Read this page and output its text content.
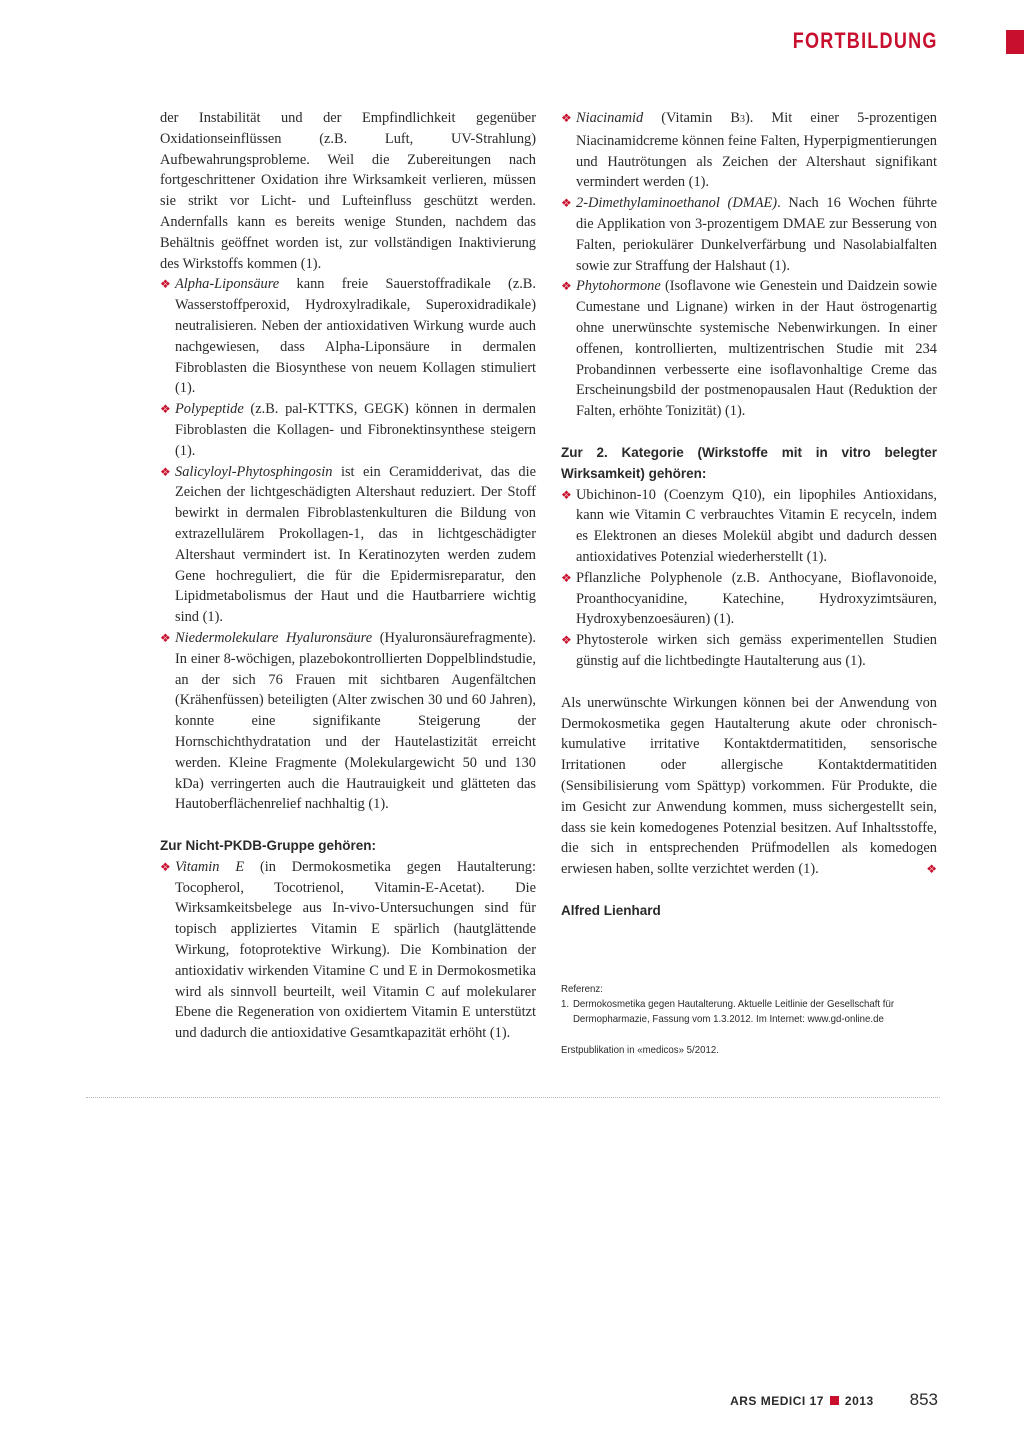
FORTBILDUNG

der Instabilität und der Empfindlichkeit gegenüber Oxidationseinflüssen (z.B. Luft, UV-Strahlung) Aufbewahrungsprobleme. Weil die Zubereitungen nach fortgeschrittener Oxidation ihre Wirksamkeit verlieren, müssen sie strikt vor Licht- und Lufteinfluss geschützt werden. Andernfalls kann es bereits wenige Stunden, nachdem das Behältnis geöffnet worden ist, zur vollständigen Inaktivierung des Wirkstoffs kommen (1).

❖ Alpha-Liponsäure kann freie Sauerstoffradikale (z.B. Wasserstoffperoxid, Hydroxylradikale, Superoxidradikale) neutralisieren. Neben der antioxidativen Wirkung wurde auch nachgewiesen, dass Alpha-Liponsäure in dermalen Fibroblasten die Biosynthese von neuem Kollagen stimuliert (1).

❖ Polypeptide (z.B. pal-KTTKS, GEGK) können in dermalen Fibroblasten die Kollagen- und Fibronektinsynthese steigern (1).

❖ Salicyloyl-Phytosphingosin ist ein Ceramidderivat, das die Zeichen der lichtgeschädigten Altershaut reduziert. Der Stoff bewirkt in dermalen Fibroblastenkulturen die Bildung von extrazellulärem Prokollagen-1, das in lichtgeschädigter Altershaut vermindert ist. In Keratinozyten werden zudem Gene hochreguliert, die für die Epidermisreparatur, den Lipidmetabolismus der Haut und die Hautbarriere wichtig sind (1).

❖ Niedermolekulare Hyaluronsäure (Hyaluronsäurefragmente). In einer 8-wöchigen, plazebokontrollierten Doppelblindstudie, an der sich 76 Frauen mit sichtbaren Augenfältchen (Krähenfüssen) beteiligten (Alter zwischen 30 und 60 Jahren), konnte eine signifikante Steigerung der Hornschichthydratation und der Hautelastizität erreicht werden. Kleine Fragmente (Molekulargewicht 50 und 130 kDa) verringerten auch die Hautrauigkeit und glätteten das Hautoberflächenrelief nachhaltig (1).

Zur Nicht-PKDB-Gruppe gehören:

❖ Vitamin E (in Dermokosmetika gegen Hautalterung: Tocopherol, Tocotrienol, Vitamin-E-Acetat). Die Wirksamkeitsbelege aus In-vivo-Untersuchungen sind für topisch appliziertes Vitamin E spärlich (hautglättende Wirkung, fotoprotektive Wirkung). Die Kombination der antioxidativ wirkenden Vitamine C und E in Dermokosmetika wird als sinnvoll beurteilt, weil Vitamin C auf molekularer Ebene die Regeneration von oxidiertem Vitamin E unterstützt und dadurch die antioxidative Gesamtkapazität erhöht (1).

❖ Niacinamid (Vitamin B3). Mit einer 5-prozentigen Niacinamidcreme können feine Falten, Hyperpigmentierungen und Hautrötungen als Zeichen der Altershaut signifikant vermindert werden (1).

❖ 2-Dimethylaminoethanol (DMAE). Nach 16 Wochen führte die Applikation von 3-prozentigem DMAE zur Besserung von Falten, periokulärer Dunkelverfärbung und Nasolabialfalten sowie zur Straffung der Halshaut (1).

❖ Phytohormone (Isoflavone wie Genestein und Daidzein sowie Cumestane und Lignane) wirken in der Haut östrogenartig ohne unerwünschte systemische Nebenwirkungen. In einer offenen, kontrollierten, multizentrischen Studie mit 234 Probandinnen verbesserte eine isoflavonhaltige Creme das Erscheinungsbild der postmenopausalen Haut (Reduktion der Falten, erhöhte Tonizität) (1).

Zur 2. Kategorie (Wirkstoffe mit in vitro belegter Wirksamkeit) gehören:

❖ Ubichinon-10 (Coenzym Q10), ein lipophiles Antioxidans, kann wie Vitamin C verbrauchtes Vitamin E recyceln, indem es Elektronen an dieses Molekül abgibt und dadurch dessen antioxidatives Potenzial wiederherstellt (1).

❖ Pflanzliche Polyphenole (z.B. Anthocyane, Bioflavonoide, Proanthocyanidine, Katechine, Hydroxyzimtsäuren, Hydroxybenzoesäuren) (1).

❖ Phytosterole wirken sich gemäss experimentellen Studien günstig auf die lichtbedingte Hautalterung aus (1).

Als unerwünschte Wirkungen können bei der Anwendung von Dermokosmetika gegen Hautalterung akute oder chronisch-kumulative irritative Kontaktdermatitiden, sensorische Irritationen oder allergische Kontaktdermatitiden (Sensibilisierung vom Spättyp) vorkommen. Für Produkte, die im Gesicht zur Anwendung kommen, muss sichergestellt sein, dass sie kein komedogenes Potenzial besitzen. Auf Inhaltsstoffe, die sich in entsprechenden Prüfmodellen als komedogen erwiesen haben, sollte verzichtet werden (1).	❖

Alfred Lienhard

Referenz:
1. Dermokosmetika gegen Hautalterung. Aktuelle Leitlinie der Gesellschaft für Dermopharmazie, Fassung vom 1.3.2012. Im Internet: www.gd-online.de
Erstpublikation in «medicos» 5/2012.
ARS MEDICI 17 2013 853
